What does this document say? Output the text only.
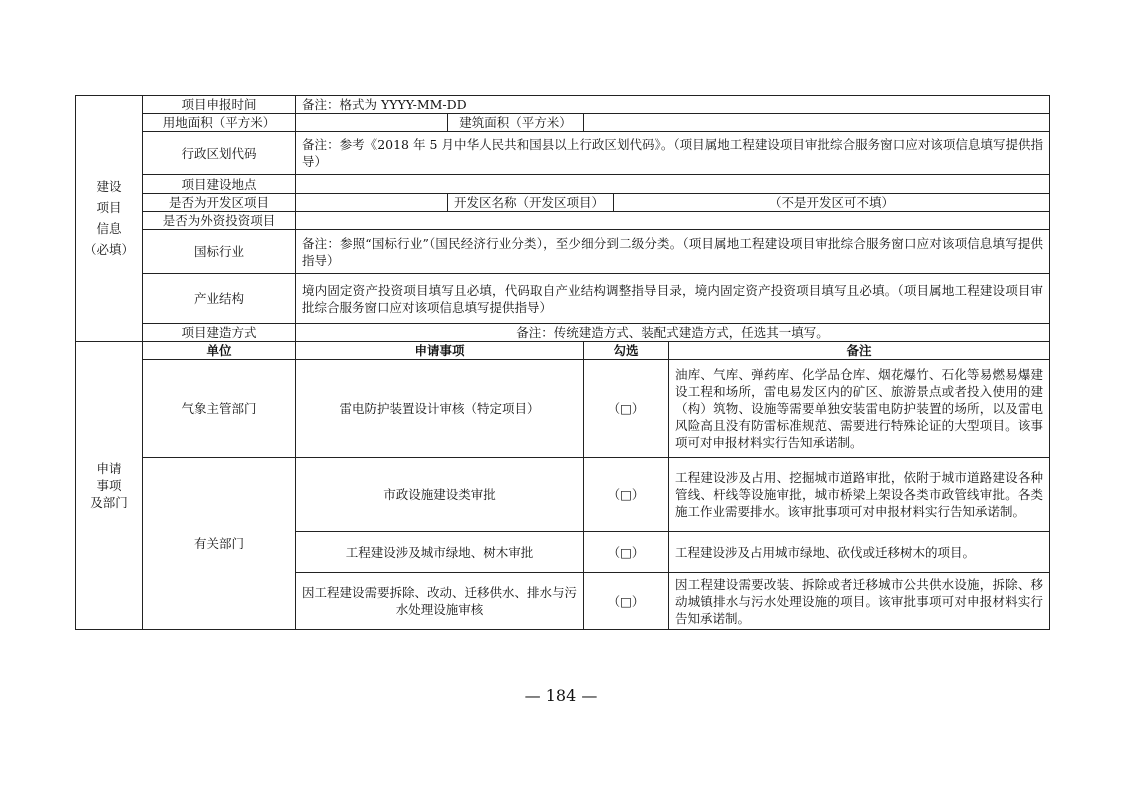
建设
项目
信息
（必填）	项目申报时间	备注：格式为 YYYY-MM-DD				
	用地面积（平方米）		建筑面积（平方米）			
	行政区划代码	备注：参考《2018 年 5 月中华人民共和国县以上行政区划代码》。（项目属地工程建设项目审批综合服务窗口应对该项信息填写提供指导）				
	项目建设地点					
	是否为开发区项目		开发区名称（开发区项目）		（不是开发区可不填）	
	是否为外资投资项目					
	国标行业	备注：参照“国标行业”（国民经济行业分类），至少细分到二级分类。（项目属地工程建设项目审批综合服务窗口应对该项信息填写提供指导）				
	产业结构	境内固定资产投资项目填写且必填，代码取自产业结构调整指导目录，境内固定资产投资项目填写且必填。（项目属地工程建设项目审批综合服务窗口应对该项信息填写提供指导）				
	项目建造方式	备注：传统建造方式、装配式建造方式，任选其一填写。				
申请
事项
及部门	单位	申请事项		勾选		备注
	气象主管部门	雷电防护装置设计审核（特定项目）		（□）		油库、气库、弹药库、化学品仓库、烟花爆竹、石化等易燃易爆建设工程和场所，雷电易发区内的矿区、旅游景点或者投入使用的建（构）筑物、设施等需要单独安装雷电防护装置的场所，以及雷电风险高且没有防雷标准规范、需要进行特殊论证的大型项目。该事项可对申报材料实行告知承诺制。
	有关部门	市政设施建设类审批		（□）		工程建设涉及占用、挖掘城市道路审批，依附于城市道路建设各种管线、杆线等设施审批，城市桥梁上架设各类市政管线审批。各类施工作业需要排水。该审批事项可对申报材料实行告知承诺制。
		工程建设涉及城市绿地、树木审批		（□）		工程建设涉及占用城市绿地、砍伐或迁移树木的项目。
		因工程建设需要拆除、改动、迁移供水、排水与污水处理设施审核		（□）		因工程建设需要改装、拆除或者迁移城市公共供水设施，拆除、移动城镇排水与污水处理设施的项目。该审批事项可对申报材料实行告知承诺制。
— 184 —
